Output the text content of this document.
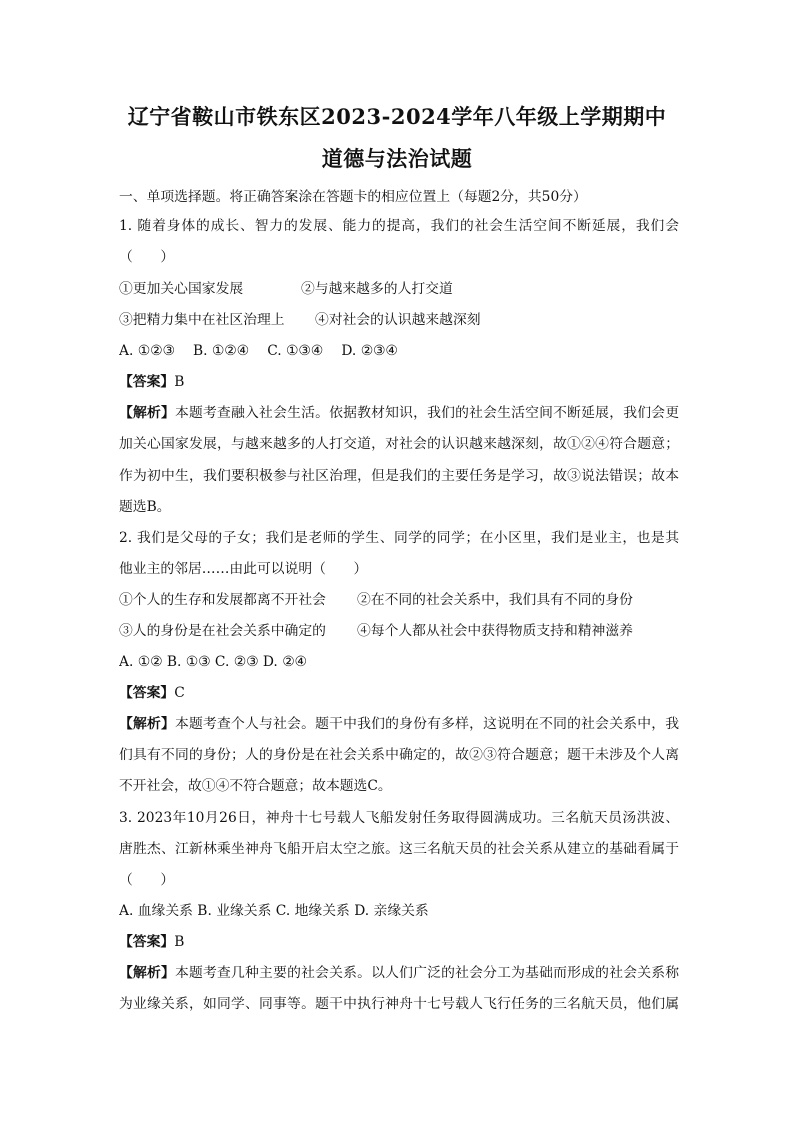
辽宁省鞍山市铁东区2023-2024学年八年级上学期期中
道德与法治试题
一、单项选择题。将正确答案涂在答题卡的相应位置上（每题2分，共50分）
1. 随着身体的成长、智力的发展、能力的提高，我们的社会生活空间不断延展，我们会
（　　）
①更加关心国家发展	②与越来越多的人打交道
③把精力集中在社区治理上 ④对社会的认识越来越深刻
A. ①②③　 B. ①②④　 C. ①③④　 D. ②③④
【答案】B
【解析】本题考查融入社会生活。依据教材知识，我们的社会生活空间不断延展，我们会更
加关心国家发展，与越来越多的人打交道，对社会的认识越来越深刻，故①②④符合题意；
作为初中生，我们要积极参与社区治理，但是我们的主要任务是学习，故③说法错误；故本
题选B。
2. 我们是父母的子女；我们是老师的学生、同学的同学；在小区里，我们是业主，也是其
他业主的邻居……由此可以说明（　　）
①个人的生存和发展都离不开社会 ②在不同的社会关系中，我们具有不同的身份
③人的身份是在社会关系中确定的 ④每个人都从社会中获得物质支持和精神滋养
A. ①② B. ①③ C. ②③ D. ②④
【答案】C
【解析】本题考查个人与社会。题干中我们的身份有多样，这说明在不同的社会关系中，我
们具有不同的身份；人的身份是在社会关系中确定的，故②③符合题意；题干未涉及个人离
不开社会，故①④不符合题意；故本题选C。
3. 2023年10月26日，神舟十七号载人飞船发射任务取得圆满成功。三名航天员汤洪波、
唐胜杰、江新林乘坐神舟飞船开启太空之旅。这三名航天员的社会关系从建立的基础看属于
（　　）
A. 血缘关系 B. 业缘关系 C. 地缘关系 D. 亲缘关系
【答案】B
【解析】本题考查几种主要的社会关系。以人们广泛的社会分工为基础而形成的社会关系称
为业缘关系，如同学、同事等。题干中执行神舟十七号载人飞行任务的三名航天员，他们属
